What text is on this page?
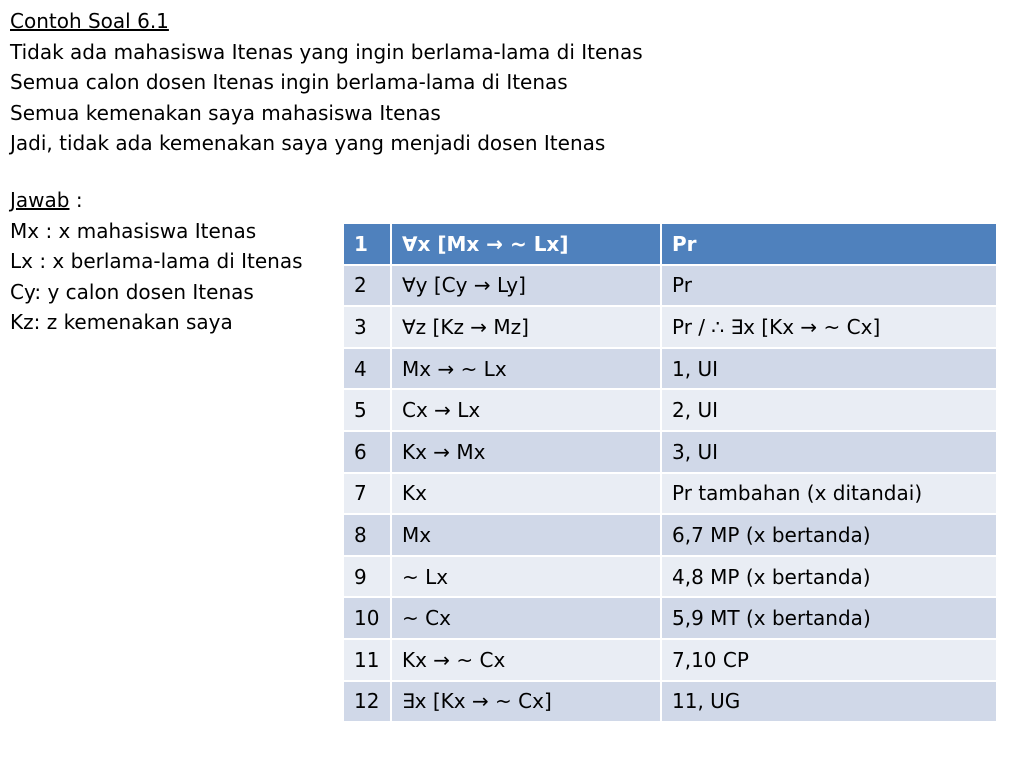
Contoh Soal 6.1
Tidak ada mahasiswa Itenas yang ingin berlama-lama di Itenas
Semua calon dosen Itenas ingin berlama-lama di Itenas
Semua kemenakan saya mahasiswa Itenas
Jadi, tidak ada kemenakan saya yang menjadi dosen Itenas
Jawab :
Mx : x mahasiswa Itenas
Lx : x berlama-lama di Itenas
Cy: y calon dosen Itenas
Kz: z kemenakan saya
1	∀x [Mx → ~ Lx]	Pr
2	∀y [Cy → Ly]	Pr
3	∀z [Kz → Mz]	Pr / ∴ ∃x [Kx → ~ Cx]
4	Mx → ~ Lx	1, UI
5	Cx → Lx	2, UI
6	Kx → Mx	3, UI
7	Kx	Pr tambahan (x ditandai)
8	Mx	6,7 MP (x bertanda)
9	~ Lx	4,8 MP (x bertanda)
10	~ Cx	5,9 MT (x bertanda)
11	Kx → ~ Cx	7,10 CP
12	∃x [Kx → ~ Cx]	11, UG
